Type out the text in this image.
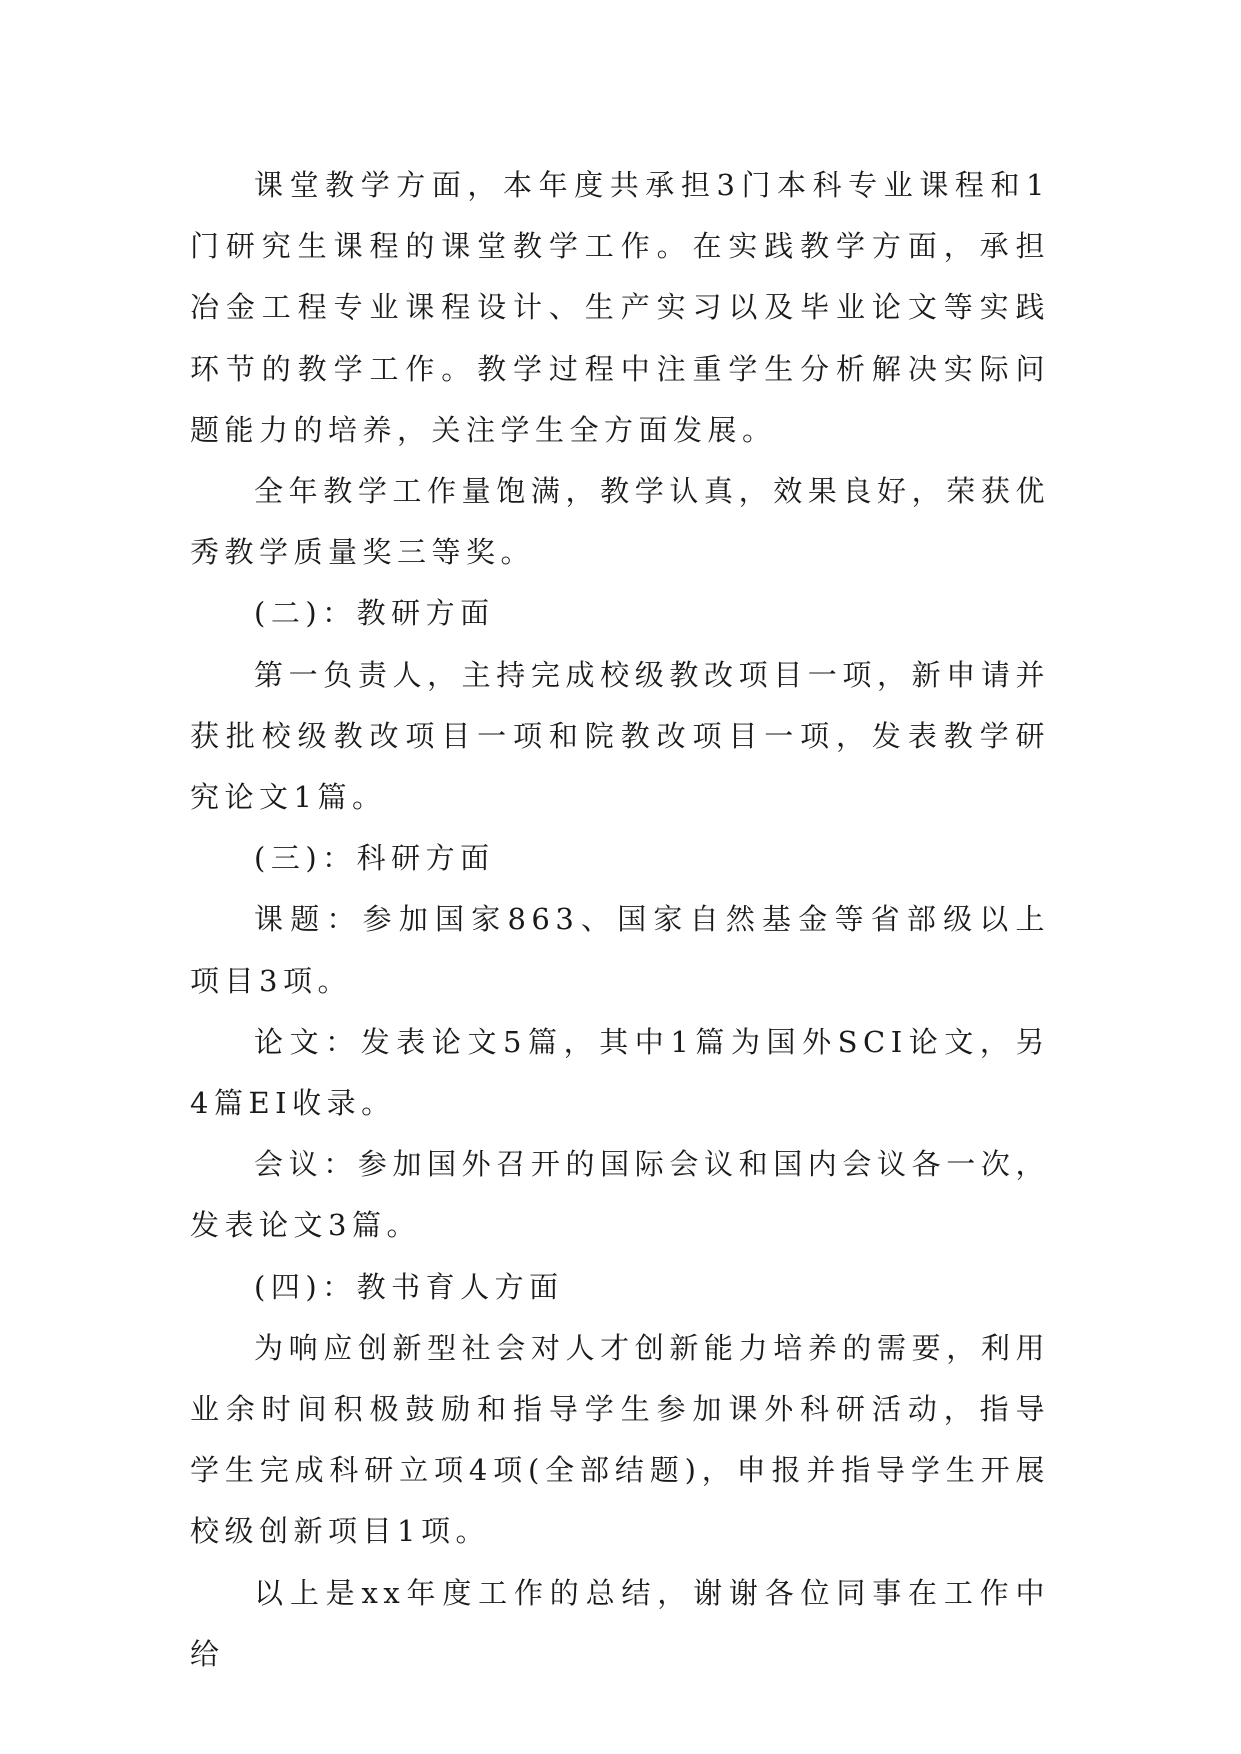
课堂教学方面，本年度共承担3门本科专业课程和1门研究生课程的课堂教学工作。在实践教学方面，承担冶金工程专业课程设计、生产实习以及毕业论文等实践环节的教学工作。教学过程中注重学生分析解决实际问题能力的培养，关注学生全方面发展。

全年教学工作量饱满，教学认真，效果良好，荣获优秀教学质量奖三等奖。

(二)：教研方面

第一负责人，主持完成校级教改项目一项，新申请并获批校级教改项目一项和院教改项目一项，发表教学研究论文1篇。

(三)：科研方面

课题：参加国家863、国家自然基金等省部级以上项目3项。

论文：发表论文5篇，其中1篇为国外SCI论文，另4篇EI收录。

会议：参加国外召开的国际会议和国内会议各一次，发表论文3篇。

(四)：教书育人方面

为响应创新型社会对人才创新能力培养的需要，利用业余时间积极鼓励和指导学生参加课外科研活动，指导学生完成科研立项4项(全部结题)，申报并指导学生开展校级创新项目1项。

以上是xx年度工作的总结，谢谢各位同事在工作中给
